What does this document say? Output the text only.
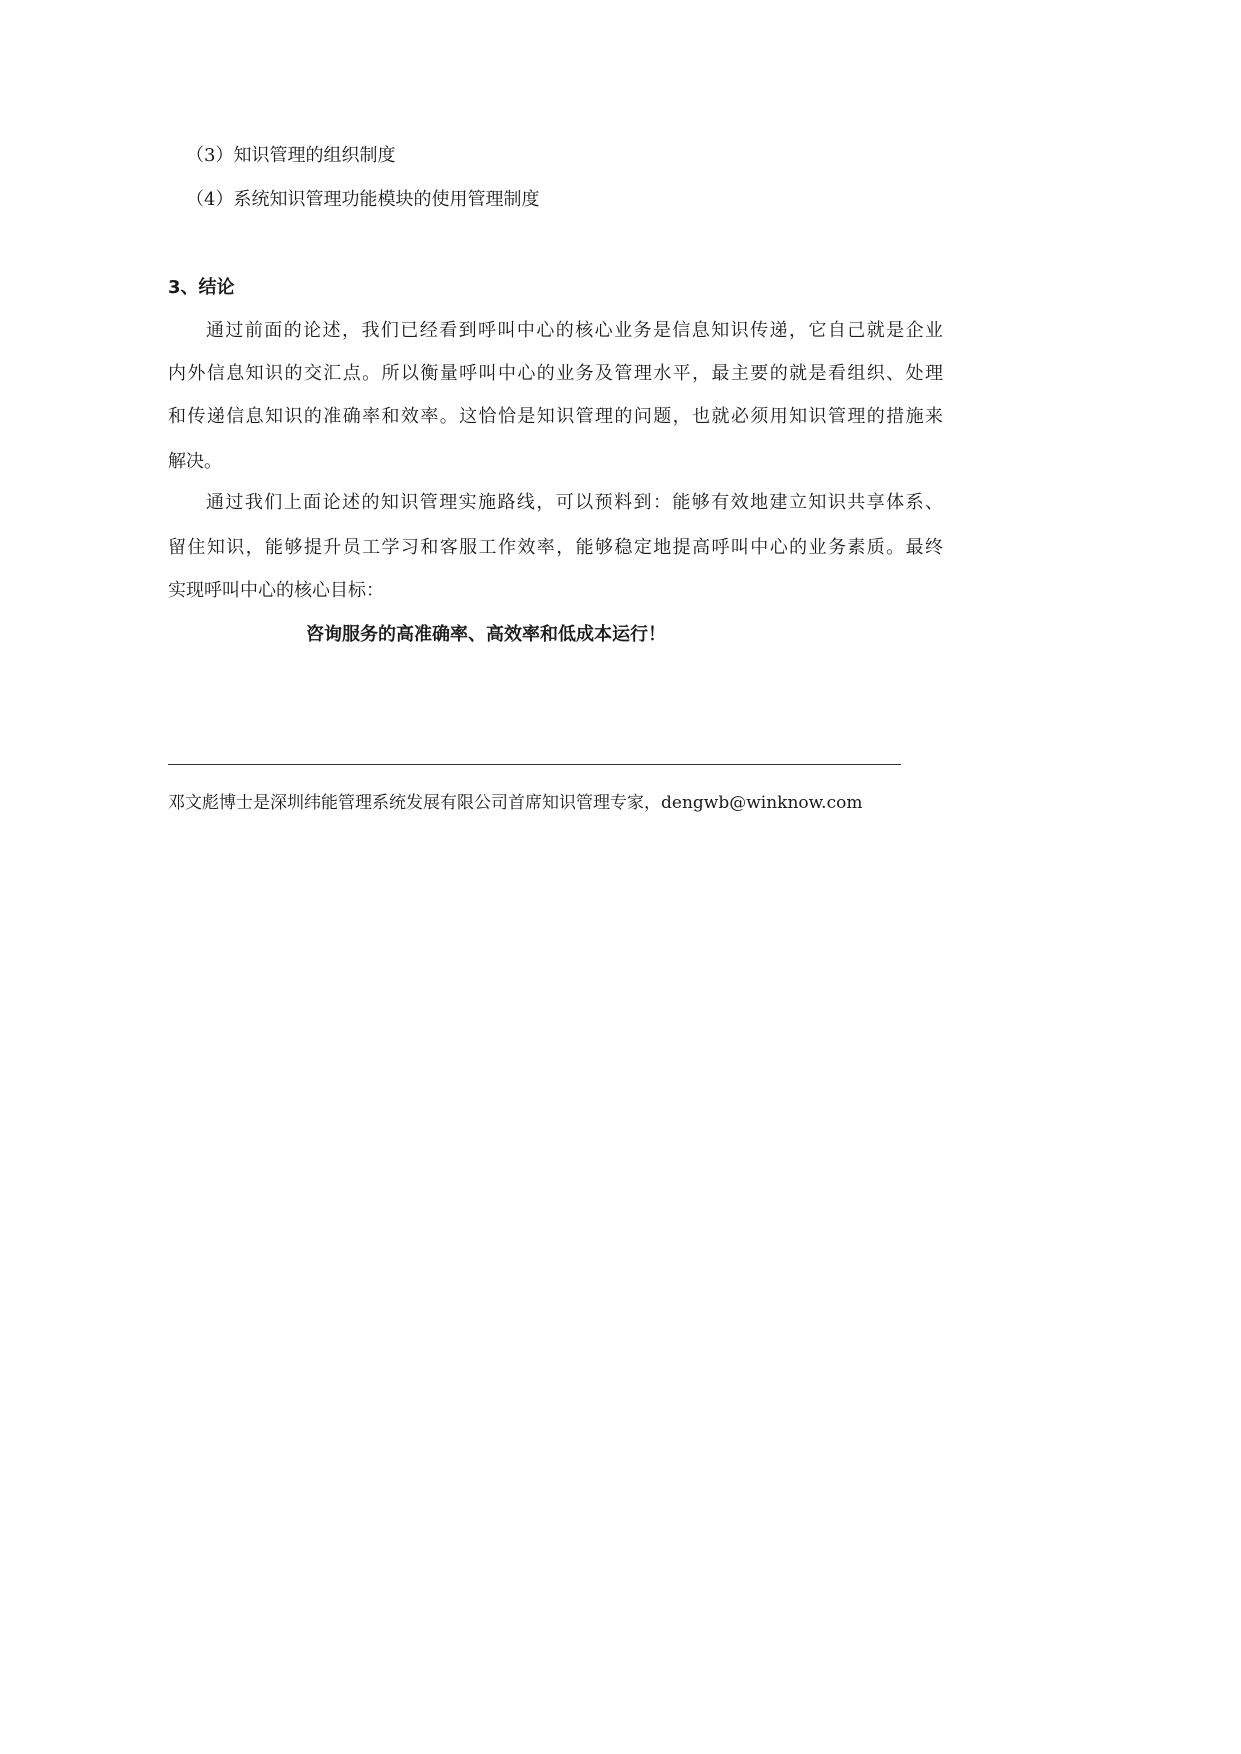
（3）知识管理的组织制度
（4）系统知识管理功能模块的使用管理制度
3、结论
通过前面的论述，我们已经看到呼叫中心的核心业务是信息知识传递，它自己就是企业
内外信息知识的交汇点。所以衡量呼叫中心的业务及管理水平，最主要的就是看组织、处理
和传递信息知识的准确率和效率。这恰恰是知识管理的问题，也就必须用知识管理的措施来
解决。
通过我们上面论述的知识管理实施路线，可以预料到：能够有效地建立知识共享体系、
留住知识，能够提升员工学习和客服工作效率，能够稳定地提高呼叫中心的业务素质。最终
实现呼叫中心的核心目标：
咨询服务的高准确率、高效率和低成本运行！
邓文彪博士是深圳纬能管理系统发展有限公司首席知识管理专家，dengwb@winknow.com
